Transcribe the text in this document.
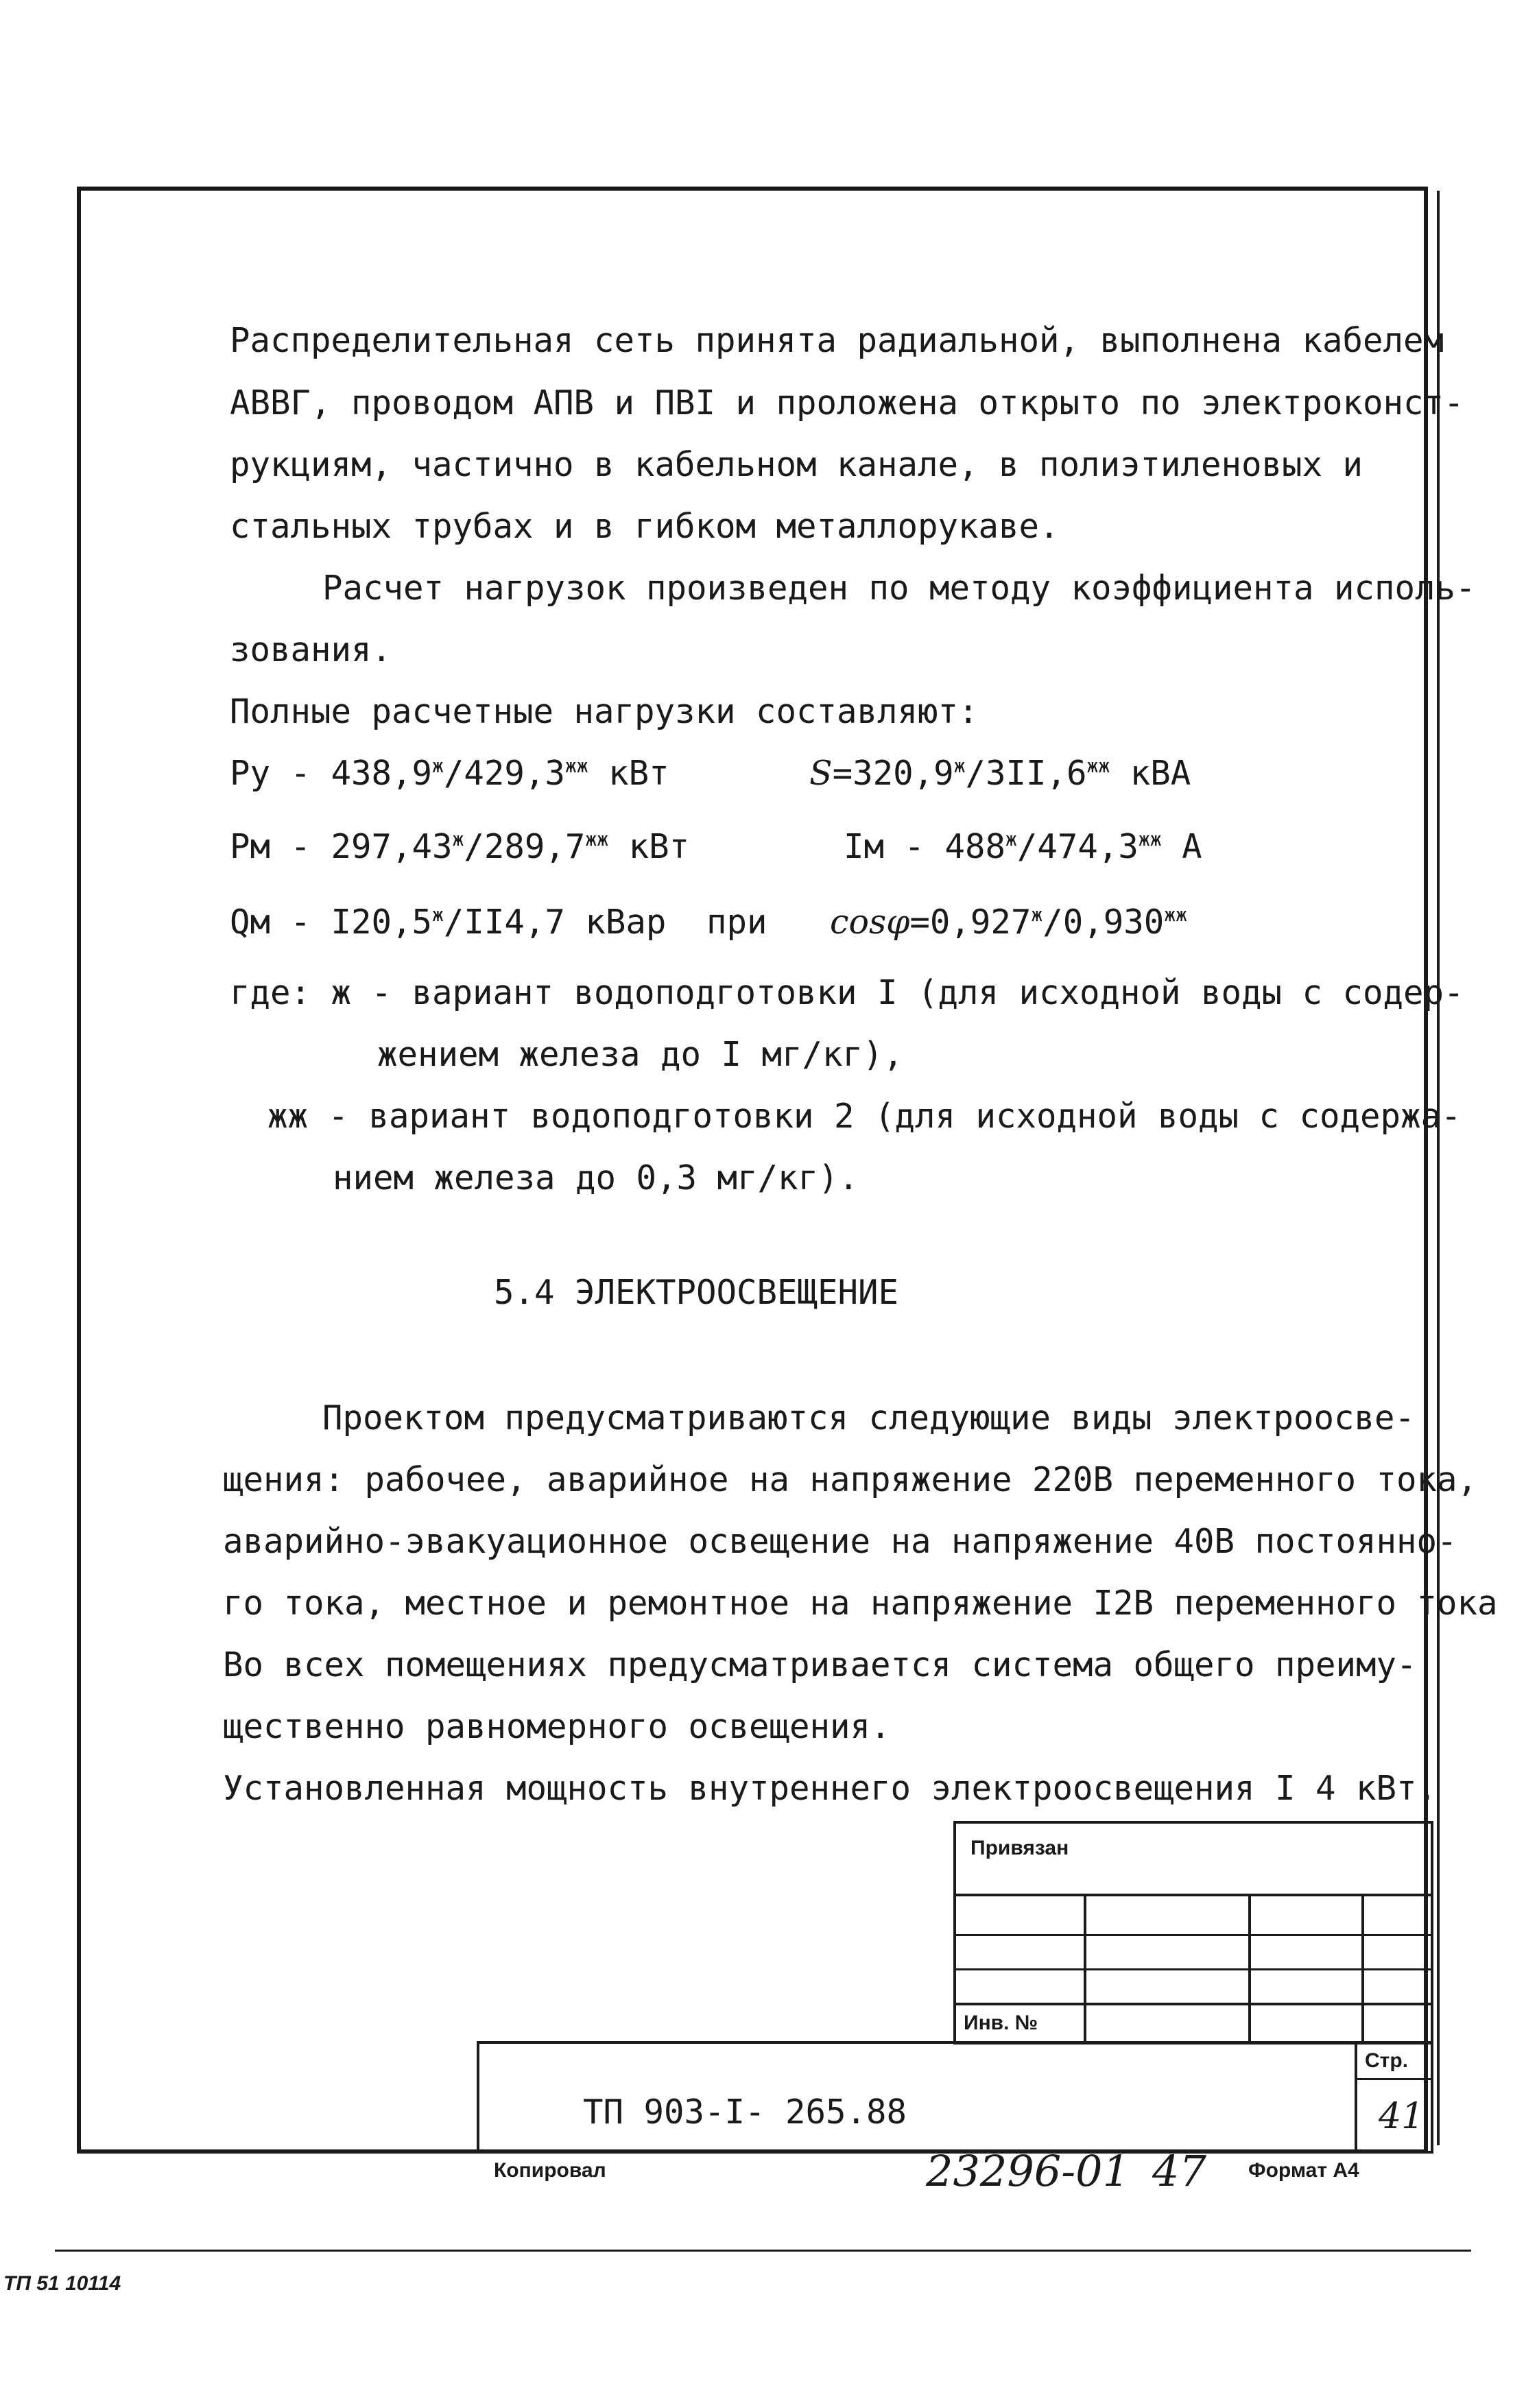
Распределительная сеть принята радиальной, выполнена кабелем
АВВГ, проводом АПВ и ПВI и проложена открыто по электроконст-
рукциям, частично в кабельном канале, в полиэтиленовых и
стальных трубах и в гибком металлорукаве.
Расчет нагрузок произведен по методу коэффициента исполь-
зования.
Полные расчетные нагрузки составляют:
Ру - $438,9^ж/429,3^{жж}$ кВт	$S=320,9^ж/3II,6^{жж}$ кВА
Рм - $297,43^ж/289,7^{жж}$ кВт	Iм - $488^ж/474,3^{жж}$ А
Qм - $I20,5^ж/II4,7$ кВар при $\cos\varphi=0,927^ж/0,930^{жж}$
где: ж - вариант водоподготовки I (для исходной воды с содер-
жением железа до I мг/кг),
жж - вариант водоподготовки 2 (для исходной воды с содержа-
нием железа до 0,3 мг/кг).
5.4 ЭЛЕКТРООСВЕЩЕНИЕ
Проектом предусматриваются следующие виды электроосве-
щения: рабочее, аварийное на напряжение 220В переменного тока,
аварийно-эвакуационное освещение на напряжение 40В постоянно-
го тока, местное и ремонтное на напряжение I2В переменного тока
Во всех помещениях предусматривается система общего преиму-
щественно равномерного освещения.
Установленная мощность внутреннего электроосвещения I 4 кВт.
Привязан
Инв. №
Стр.
41
ТП 903-I- 265.88
Копировал	23296-01 47 Формат А4
ТП 51 10114
